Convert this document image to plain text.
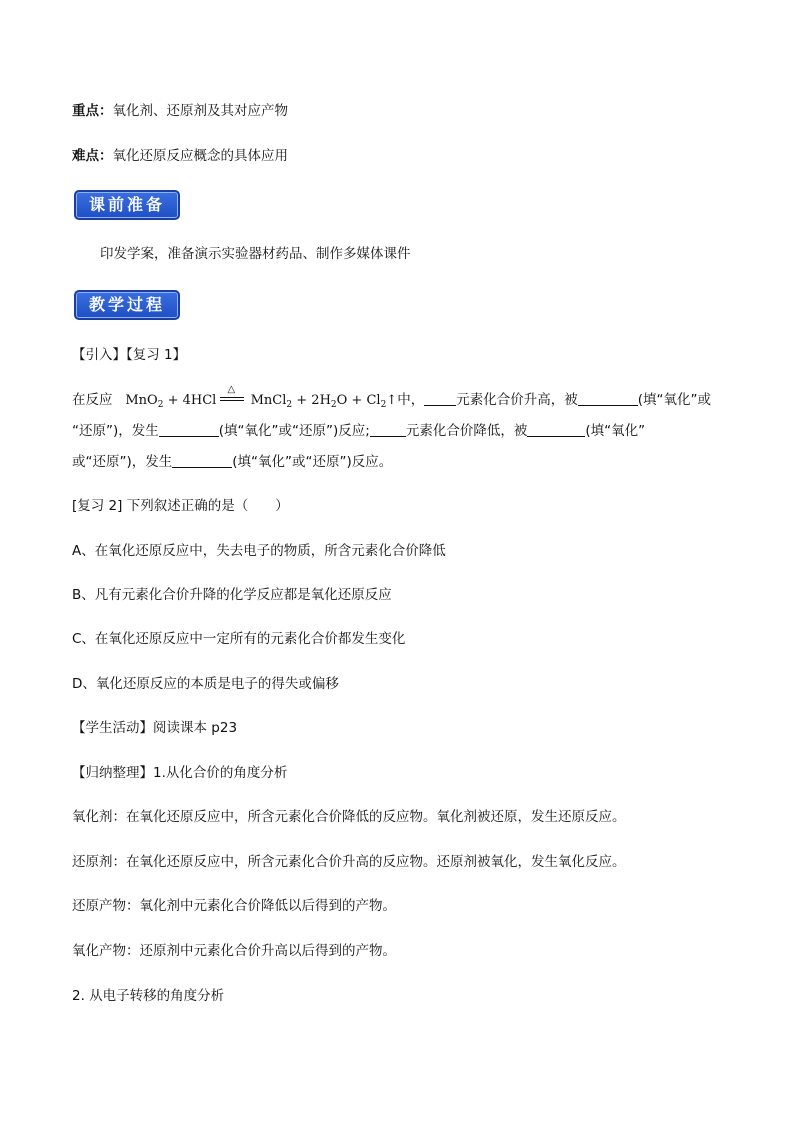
重点：氧化剂、还原剂及其对应产物
难点：氧化还原反应概念的具体应用
课前准备
印发学案，准备演示实验器材药品、制作多媒体课件
教学过程
【引入】【复习 1】
在反应 MnO$_2$ + 4HCl
△
MnCl$_2$ + $2H_2O$ + $Cl_2↑$中， 元素化合价升高，被	(填“氧化”或
“还原”)，发生	(填“氧化”或“还原”)反应;	元素化合价降低，被	(填“氧化”
或“还原”)，发生	(填“氧化”或“还原”)反应。
[复习 2] 下列叙述正确的是（　　）
A、在氧化还原反应中，失去电子的物质，所含元素化合价降低
B、凡有元素化合价升降的化学反应都是氧化还原反应
C、在氧化还原反应中一定所有的元素化合价都发生变化
D、氧化还原反应的本质是电子的得失或偏移
【学生活动】阅读课本 p23
【归纳整理】1.从化合价的角度分析
氧化剂：在氧化还原反应中，所含元素化合价降低的反应物。氧化剂被还原，发生还原反应。
还原剂：在氧化还原反应中，所含元素化合价升高的反应物。还原剂被氧化，发生氧化反应。
还原产物：氧化剂中元素化合价降低以后得到的产物。
氧化产物：还原剂中元素化合价升高以后得到的产物。
2. 从电子转移的角度分析
